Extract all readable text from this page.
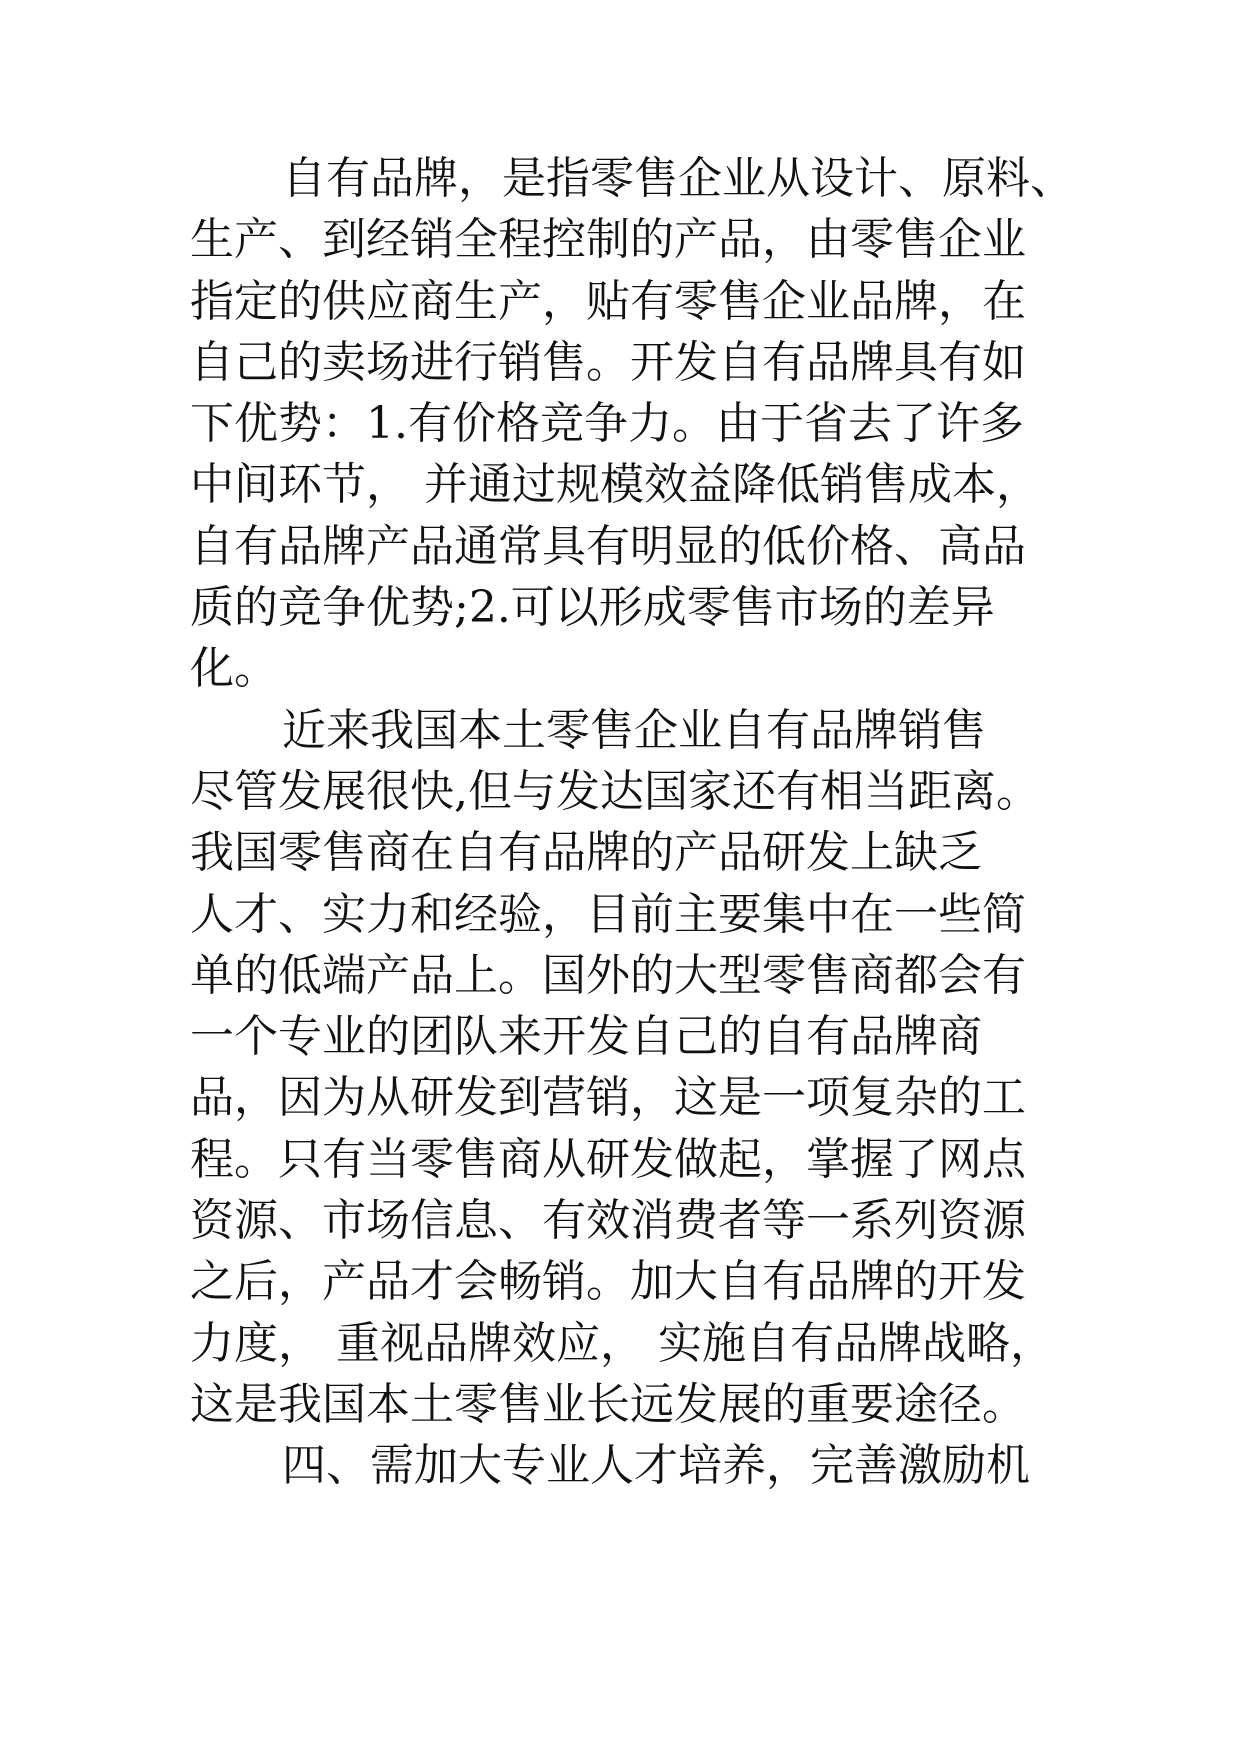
自有品牌，是指零售企业从设计、原料、
生产、到经销全程控制的产品，由零售企业
指定的供应商生产，贴有零售企业品牌，在
自己的卖场进行销售。开发自有品牌具有如
下优势：1.有价格竞争力。由于省去了许多
中间环节， 并通过规模效益降低销售成本，
自有品牌产品通常具有明显的低价格、高品
质的竞争优势;2.可以形成零售市场的差异
化。
近来我国本土零售企业自有品牌销售
尽管发展很快,但与发达国家还有相当距离。
我国零售商在自有品牌的产品研发上缺乏
人才、实力和经验，目前主要集中在一些简
单的低端产品上。国外的大型零售商都会有
一个专业的团队来开发自己的自有品牌商
品，因为从研发到营销，这是一项复杂的工
程。只有当零售商从研发做起，掌握了网点
资源、市场信息、有效消费者等一系列资源
之后，产品才会畅销。加大自有品牌的开发
力度， 重视品牌效应， 实施自有品牌战略，
这是我国本土零售业长远发展的重要途径。
四、需加大专业人才培养，完善激励机
